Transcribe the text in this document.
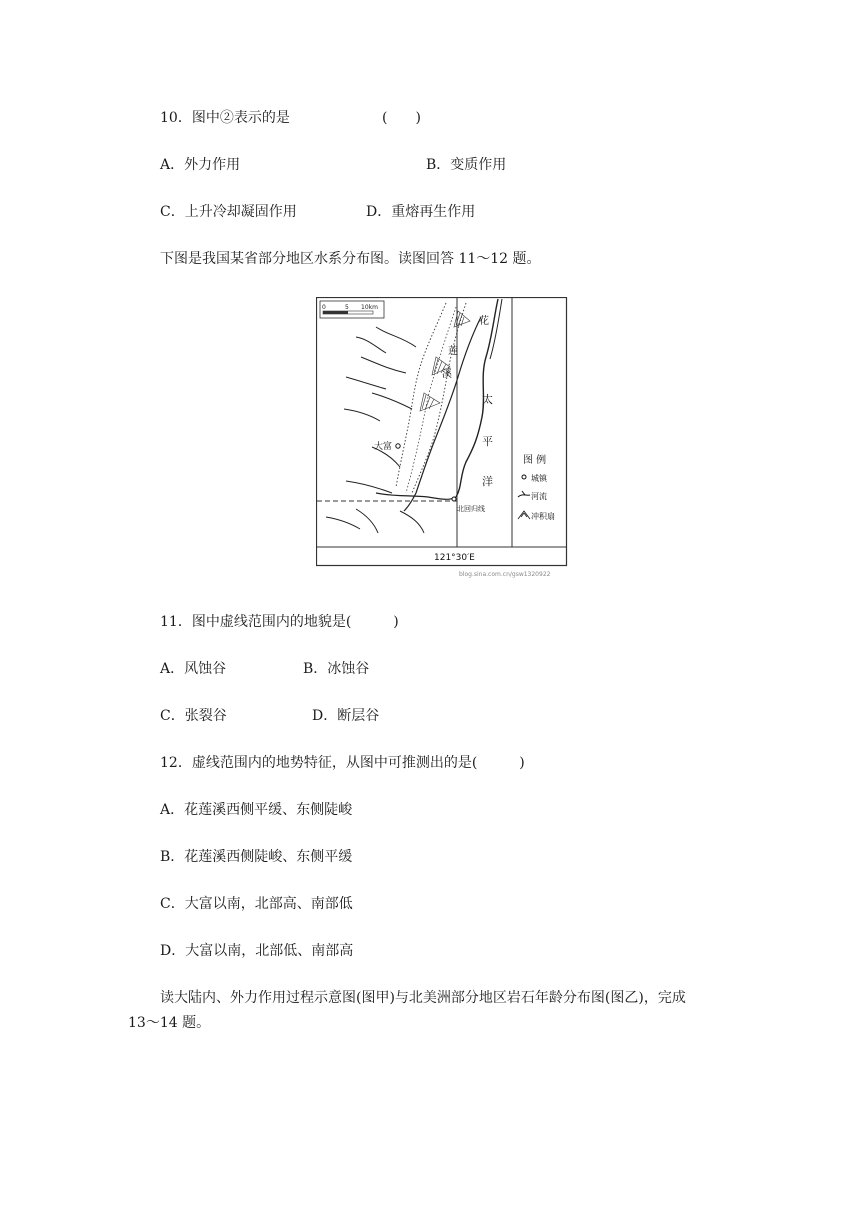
10．图中②表示的是	(　　)
A．外力作用	B．变质作用
C．上升冷却凝固作用	D．重熔再生作用
下图是我国某省部分地区水系分布图。读图回答 11～12 题。
0	5 10km
花
莲
溪
太
平
洋
大富
北回归线
图 例
城镇
河流
冲积扇
121°30′E
blog.sina.com.cn/gsw1320922
11．图中虚线范围内的地貌是(　　　)
A．风蚀谷	B．冰蚀谷
C．张裂谷	D．断层谷
12．虚线范围内的地势特征，从图中可推测出的是(　　　)
A．花莲溪西侧平缓、东侧陡峻
B．花莲溪西侧陡峻、东侧平缓
C．大富以南，北部高、南部低
D．大富以南，北部低、南部高
读大陆内、外力作用过程示意图(图甲)与北美洲部分地区岩石年龄分布图(图乙)，完成
13～14 题。
